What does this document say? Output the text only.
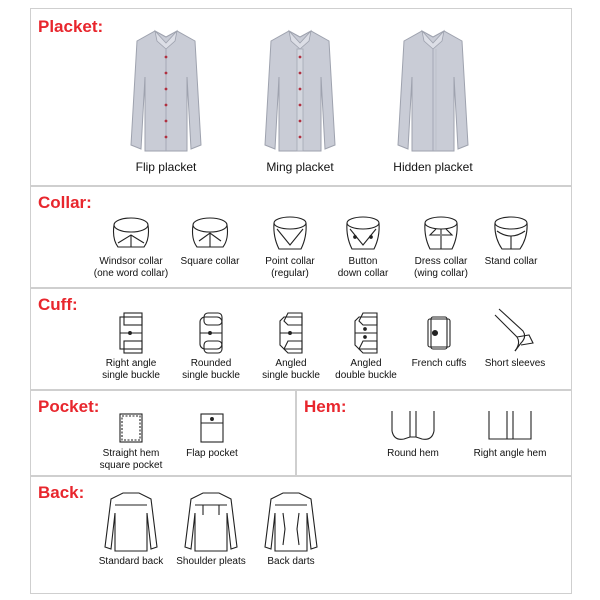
Placket:
Flip placket	Ming placket	Hidden placket
Collar:
Windsor collar
(one word collar)
Square collar	Point collar
(regular)
Button
down collar
Dress collar
(wing collar)
Stand collar
Cuff:
Right angle
single buckle
Rounded
single buckle
Angled
single buckle
Angled
double buckle
French cuffs	Short sleeves
Pocket:
Straight hem
square pocket
Flap pocket
Hem:
Round hem	Right angle hem
Back:
Standard back	Shoulder pleats	Back darts
